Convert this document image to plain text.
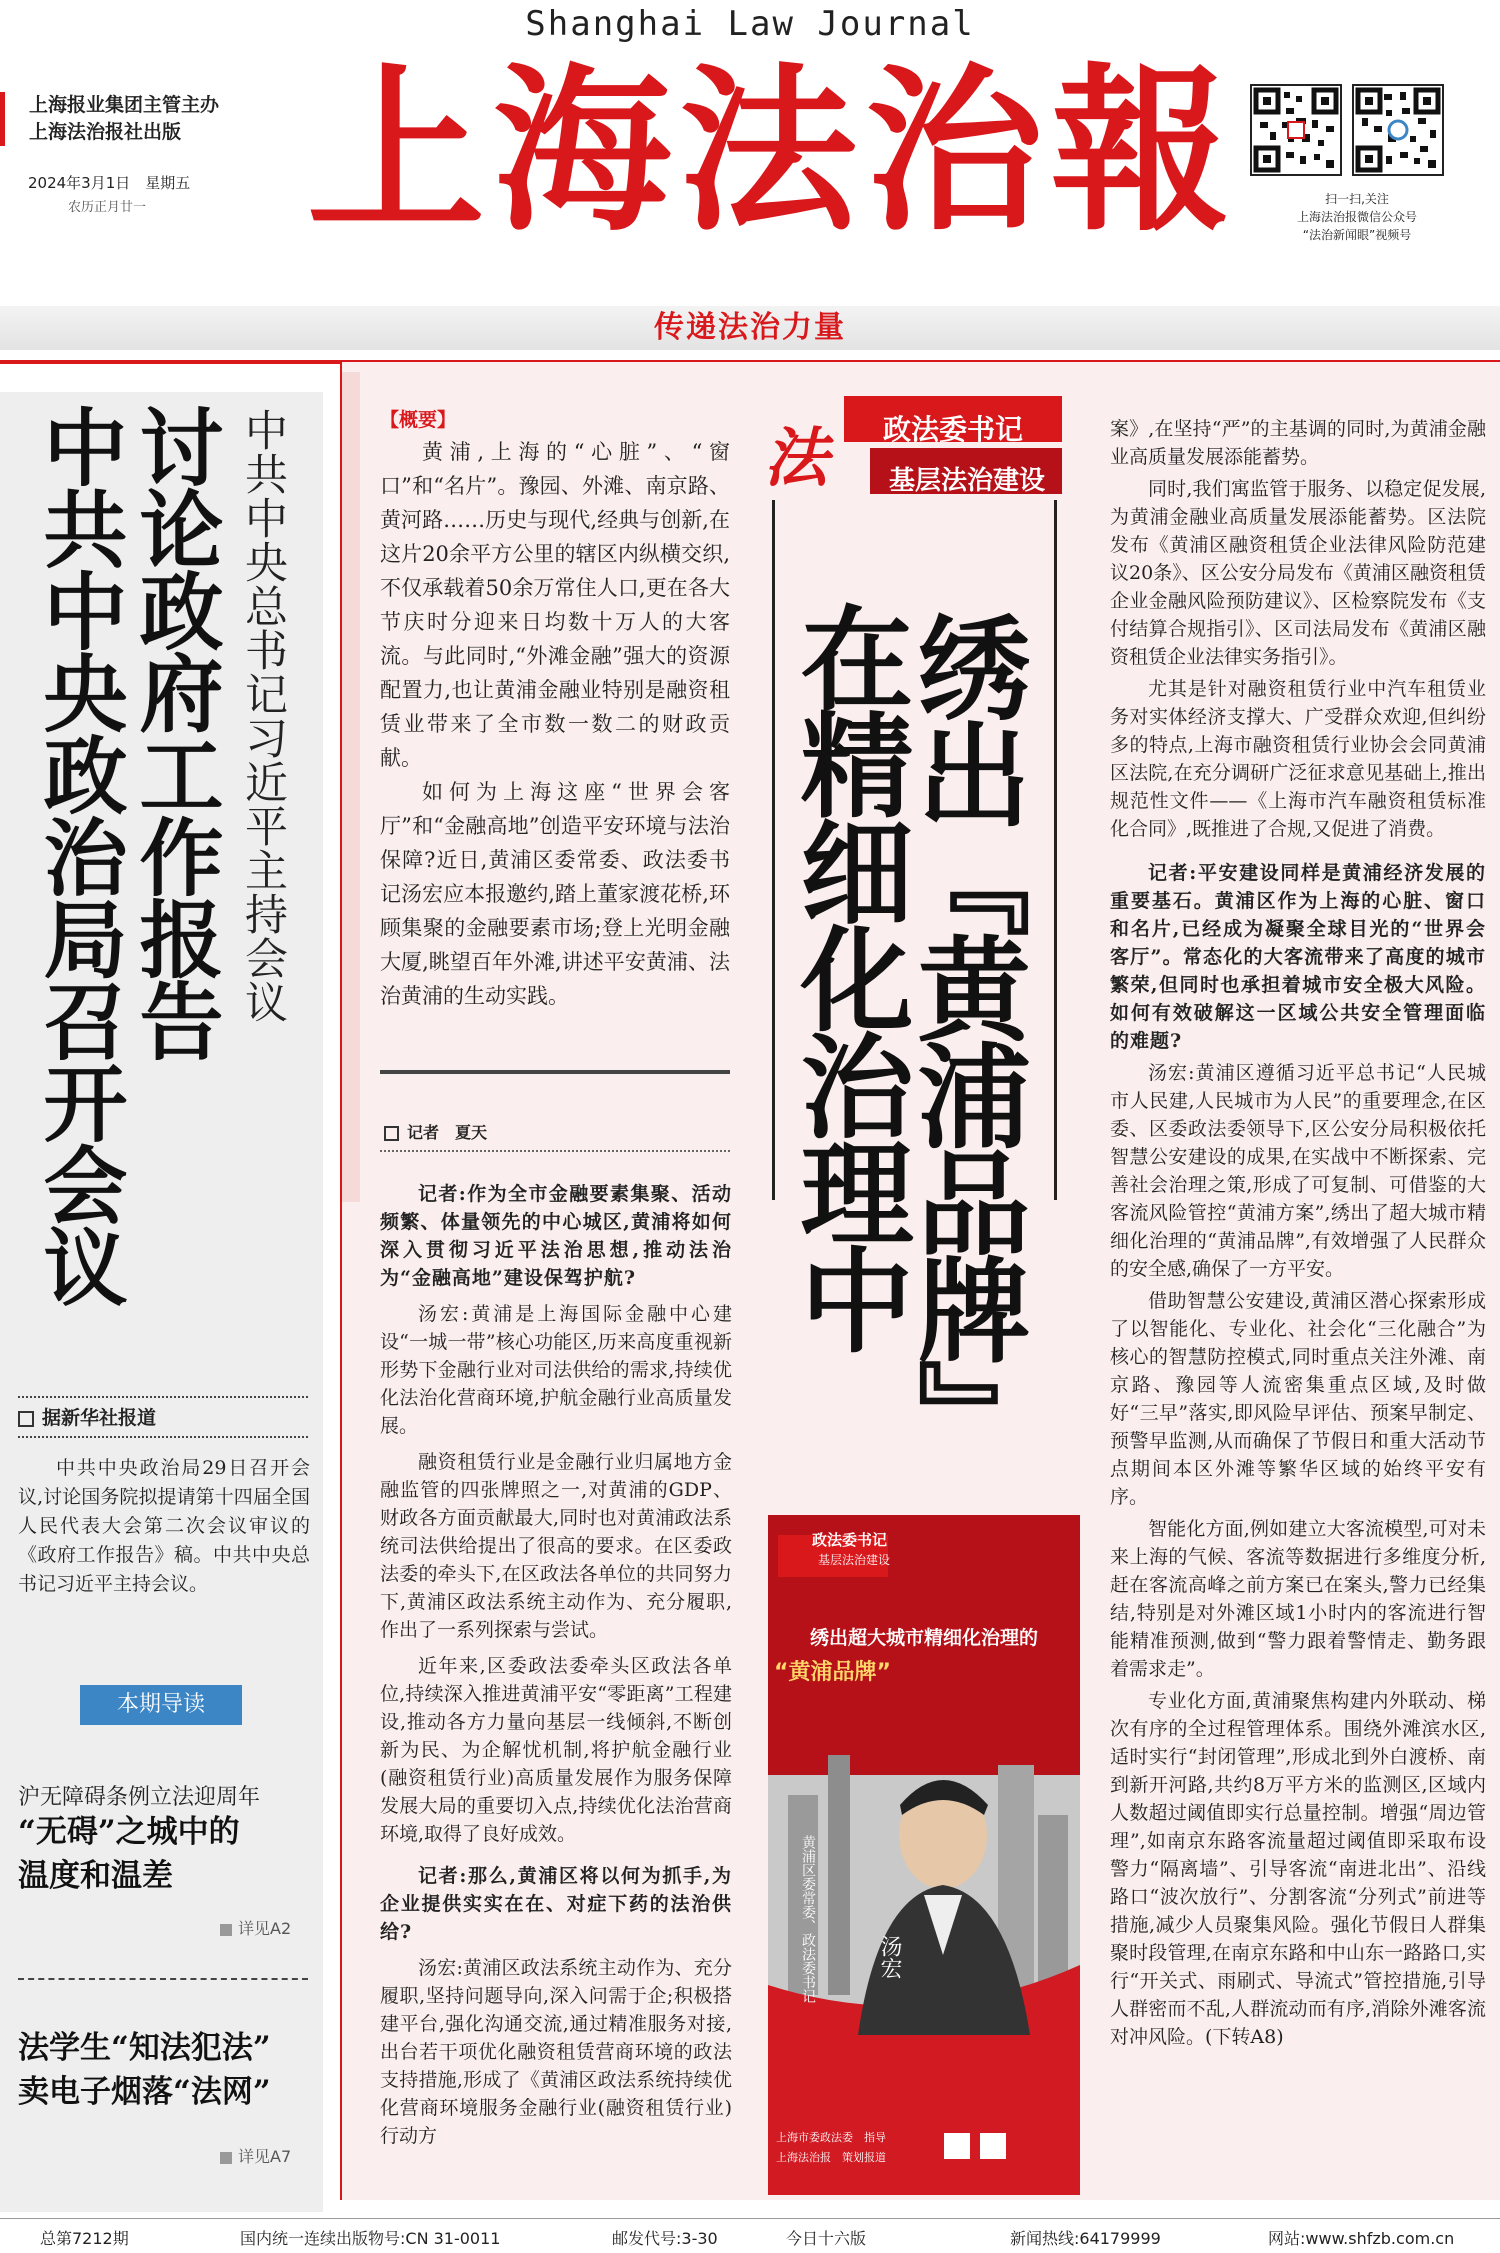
Shanghai Law Journal
上海报业集团主管主办
上海法治报社出版
2024年3月1日　星期五
农历正月廿一 上海法治報	扫一扫,关注
上海法治报微信公众号
“法治新闻眼”视频号
传递法治力量
中共中央总书记习近平主持会议
讨论政府工作报告
中共中央政治局召开会议
据新华社报道
中共中央政治局29日召开会议,讨论国务院拟提请第十四届全国人民代表大会第二次会议审议的《政府工作报告》稿。中共中央总书记习近平主持会议。
本期导读
沪无障碍条例立法迎周年
“无碍”之城中的
温度和温差
详见A2
法学生“知法犯法”
卖电子烟落“法网”
详见A7
【概要】
黄浦,上海的“心脏”、“窗口”和“名片”。豫园、外滩、南京路、黄河路……历史与现代,经典与创新,在这片20余平方公里的辖区内纵横交织,不仅承载着50余万常住人口,更在各大节庆时分迎来日均数十万人的大客流。与此同时,“外滩金融”强大的资源配置力,也让黄浦金融业特别是融资租赁业带来了全市数一数二的财政贡献。
如何为上海这座“世界会客厅”和“金融高地”创造平安环境与法治保障?近日,黄浦区委常委、政法委书记汤宏应本报邀约,踏上董家渡花桥,环顾集聚的金融要素市场;登上光明金融大厦,眺望百年外滩,讲述平安黄浦、法治黄浦的生动实践。
记者　夏天

记者:作为全市金融要素集聚、活动频繁、体量领先的中心城区,黄浦将如何深入贯彻习近平法治思想,推动法治为“金融高地”建设保驾护航?

汤宏:黄浦是上海国际金融中心建设“一城一带”核心功能区,历来高度重视新形势下金融行业对司法供给的需求,持续优化法治化营商环境,护航金融行业高质量发展。

融资租赁行业是金融行业归属地方金融监管的四张牌照之一,对黄浦的GDP、财政各方面贡献最大,同时也对黄浦政法系统司法供给提出了很高的要求。在区委政法委的牵头下,在区政法各单位的共同努力下,黄浦区政法系统主动作为、充分履职,作出了一系列探索与尝试。

近年来,区委政法委牵头区政法各单位,持续深入推进黄浦平安“零距离”工程建设,推动各方力量向基层一线倾斜,不断创新为民、为企解忧机制,将护航金融行业(融资租赁行业)高质量发展作为服务保障发展大局的重要切入点,持续优化法治营商环境,取得了良好成效。

记者:那么,黄浦区将以何为抓手,为企业提供实实在在、对症下药的法治供给?

汤宏:黄浦区政法系统主动作为、充分履职,坚持问题导向,深入问需于企;积极搭建平台,强化沟通交流,通过精准服务对接,出台若干项优化融资租赁营商环境的政法支持措施,形成了《黄浦区政法系统持续优化营商环境服务金融行业(融资租赁行业)行动方

法	政法委书记
基层法治建设
绣出『黄浦品牌』
在精细化治理中
政法委书记
基层法治建设
绣出超大城市精细化治理的
“黄浦品牌”
汤宏
黄浦区委常委、政法委书记
上海市委政法委　指导
上海法治报　策划报道

案》,在坚持“严”的主基调的同时,为黄浦金融业高质量发展添能蓄势。

同时,我们寓监管于服务、以稳定促发展,为黄浦金融业高质量发展添能蓄势。区法院发布《黄浦区融资租赁企业法律风险防范建议20条》、区公安分局发布《黄浦区融资租赁企业金融风险预防建议》、区检察院发布《支付结算合规指引》、区司法局发布《黄浦区融资租赁企业法律实务指引》。

尤其是针对融资租赁行业中汽车租赁业务对实体经济支撑大、广受群众欢迎,但纠纷多的特点,上海市融资租赁行业协会会同黄浦区法院,在充分调研广泛征求意见基础上,推出规范性文件——《上海市汽车融资租赁标准化合同》,既推进了合规,又促进了消费。

记者:平安建设同样是黄浦经济发展的重要基石。黄浦区作为上海的心脏、窗口和名片,已经成为凝聚全球目光的“世界会客厅”。常态化的大客流带来了高度的城市繁荣,但同时也承担着城市安全极大风险。如何有效破解这一区域公共安全管理面临的难题?

汤宏:黄浦区遵循习近平总书记“人民城市人民建,人民城市为人民”的重要理念,在区委、区委政法委领导下,区公安分局积极依托智慧公安建设的成果,在实战中不断探索、完善社会治理之策,形成了可复制、可借鉴的大客流风险管控“黄浦方案”,绣出了超大城市精细化治理的“黄浦品牌”,有效增强了人民群众的安全感,确保了一方平安。

借助智慧公安建设,黄浦区潜心探索形成了以智能化、专业化、社会化“三化融合”为核心的智慧防控模式,同时重点关注外滩、南京路、豫园等人流密集重点区域,及时做好“三早”落实,即风险早评估、预案早制定、预警早监测,从而确保了节假日和重大活动节点期间本区外滩等繁华区域的始终平安有序。

智能化方面,例如建立大客流模型,可对未来上海的气候、客流等数据进行多维度分析,赶在客流高峰之前方案已在案头,警力已经集结,特别是对外滩区域1小时内的客流进行智能精准预测,做到“警力跟着警情走、勤务跟着需求走”。

专业化方面,黄浦聚焦构建内外联动、梯次有序的全过程管理体系。围绕外滩滨水区,适时实行“封闭管理”,形成北到外白渡桥、南到新开河路,共约8万平方米的监测区,区域内人数超过阈值即实行总量控制。增强“周边管理”,如南京东路客流量超过阈值即采取布设警力“隔离墙”、引导客流“南进北出”、沿线路口“波次放行”、分割客流“分列式”前进等措施,减少人员聚集风险。强化节假日人群集聚时段管理,在南京东路和中山东一路路口,实行“开关式、雨刷式、导流式”管控措施,引导人群密而不乱,人群流动而有序,消除外滩客流对冲风险。(下转A8)

总第7212期	国内统一连续出版物号:CN 31-0011	邮发代号:3-30	今日十六版	新闻热线:64179999	网站:www.shfzb.com.cn
